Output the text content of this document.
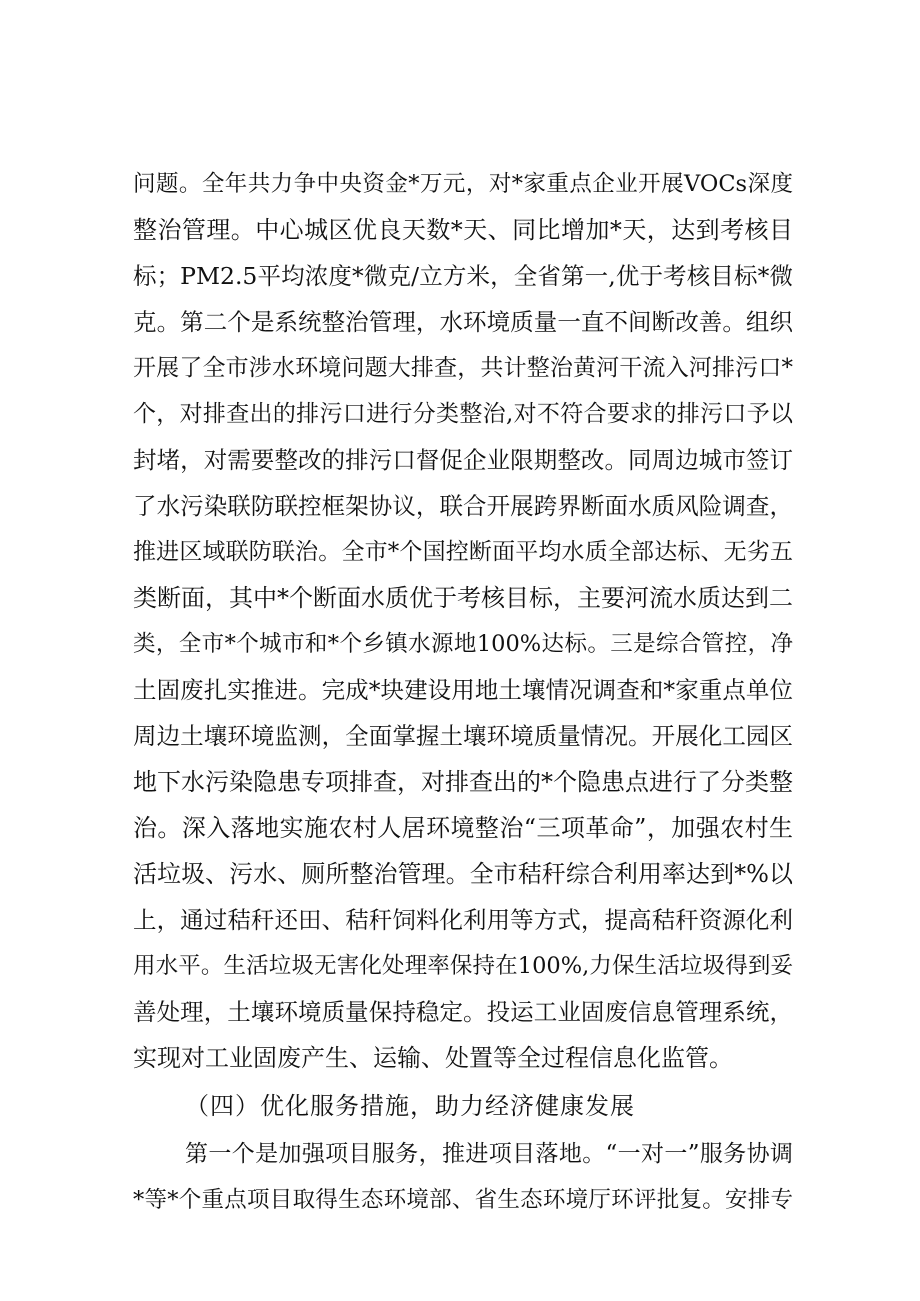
问题。全年共力争中央资金*万元，对*家重点企业开展VOCs深度
整治管理。中心城区优良天数*天、同比增加*天，达到考核目
标；PM2.5平均浓度*微克/立方米，全省第一,优于考核目标*微
克。第二个是系统整治管理，水环境质量一直不间断改善。组织
开展了全市涉水环境问题大排查，共计整治黄河干流入河排污口*
个，对排查出的排污口进行分类整治,对不符合要求的排污口予以
封堵，对需要整改的排污口督促企业限期整改。同周边城市签订
了水污染联防联控框架协议，联合开展跨界断面水质风险调查，
推进区域联防联治。全市*个国控断面平均水质全部达标、无劣五
类断面，其中*个断面水质优于考核目标，主要河流水质达到二
类，全市*个城市和*个乡镇水源地100%达标。三是综合管控，净
土固废扎实推进。完成*块建设用地土壤情况调查和*家重点单位
周边土壤环境监测，全面掌握土壤环境质量情况。开展化工园区
地下水污染隐患专项排查，对排查出的*个隐患点进行了分类整
治。深入落地实施农村人居环境整治“三项革命”，加强农村生
活垃圾、污水、厕所整治管理。全市秸秆综合利用率达到*%以
上，通过秸秆还田、秸秆饲料化利用等方式，提高秸秆资源化利
用水平。生活垃圾无害化处理率保持在100%,力保生活垃圾得到妥
善处理，土壤环境质量保持稳定。投运工业固废信息管理系统，
实现对工业固废产生、运输、处置等全过程信息化监管。
（四）优化服务措施，助力经济健康发展
第一个是加强项目服务，推进项目落地。“一对一”服务协调
*等*个重点项目取得生态环境部、省生态环境厅环评批复。安排专
